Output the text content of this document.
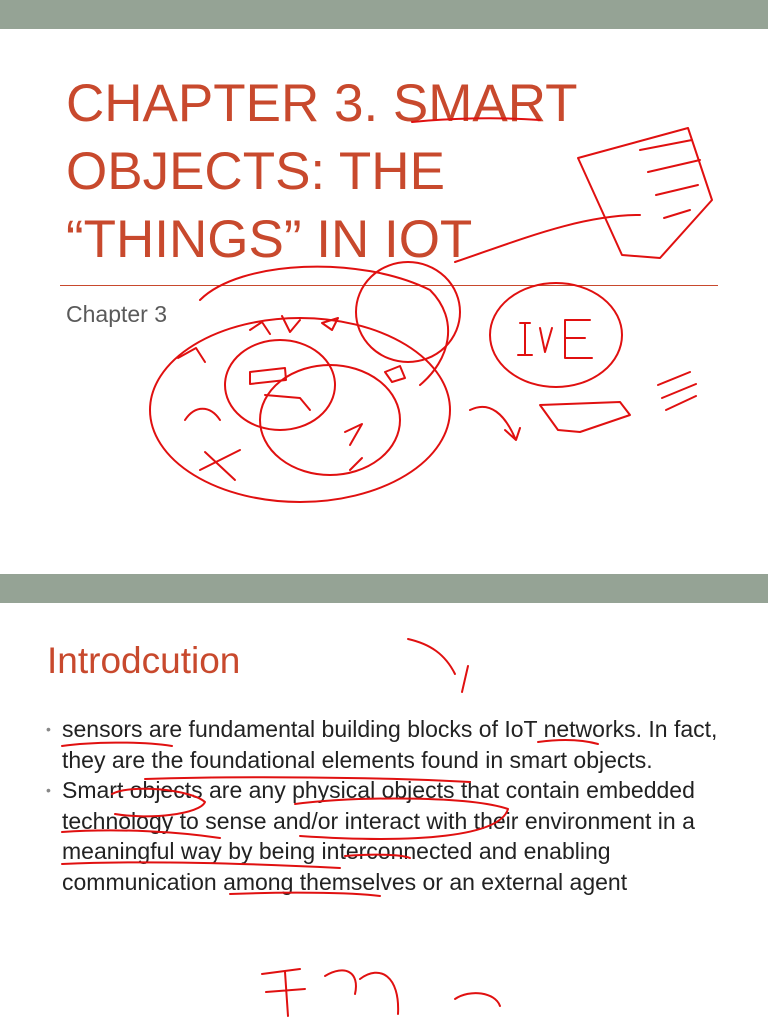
CHAPTER 3. SMART
OBJECTS: THE
“THINGS” IN IOT
Chapter 3
Introdcution
• sensors are fundamental building blocks of IoT networks. In fact, they are the foundational elements found in smart objects.
• Smart objects are any physical objects that contain embedded technology to sense and/or interact with their environment in a meaningful way by being interconnected and enabling communication among themselves or an external agent
